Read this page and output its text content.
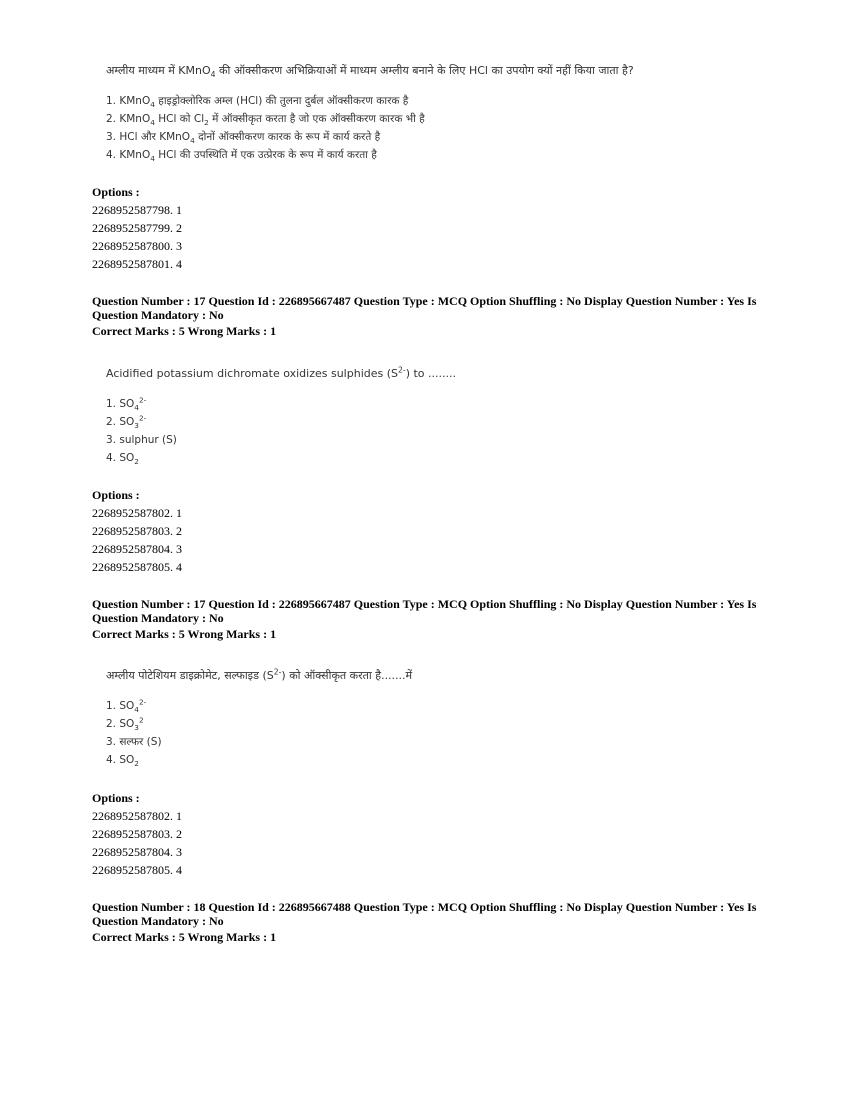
अम्लीय माध्यम में KMnO$_4$ की ऑक्सीकरण अभिक्रियाओं में माध्यम अम्लीय बनाने के लिए HCl का उपयोग क्यों नहीं किया जाता है?
1. KMnO$_4$ हाइड्रोक्लोरिक अम्ल (HCl) की तुलना दुर्बल ऑक्सीकरण कारक है
2. KMnO$_4$ HCl को $Cl_2$ में ऑक्सीकृत करता है जो एक ऑक्सीकरण कारक भी है
3. HCl और KMnO$_4$ दोनों ऑक्सीकरण कारक के रूप में कार्य करते है
4. KMnO$_4$ HCl की उपस्थिति में एक उत्प्रेरक के रूप में कार्य करता है
Options :
2268952587798. 1
2268952587799. 2
2268952587800. 3
2268952587801. 4
Question Number : 17 Question Id : 226895667487 Question Type : MCQ Option Shuffling : No Display Question Number : Yes Is
Question Mandatory : No
Correct Marks : 5 Wrong Marks : 1
Acidified potassium dichromate oxidizes sulphides $(S^{2-})$ to ........
1. $SO_4^{2-}$
2. $SO_3^{2-}$
3. sulphur (S)
4. $SO_2$
Options :
2268952587802. 1
2268952587803. 2
2268952587804. 3
2268952587805. 4
Question Number : 17 Question Id : 226895667487 Question Type : MCQ Option Shuffling : No Display Question Number : Yes Is
Question Mandatory : No
Correct Marks : 5 Wrong Marks : 1
अम्लीय पोटेशियम डाइक्रोमेट, सल्फाइड $(S^{2-})$ को ऑक्सीकृत करता है.......में
1. $SO_4^{2-}$
2. $SO_3^2$
3. सल्फर (S)
4. $SO_2$
Options :
2268952587802. 1
2268952587803. 2
2268952587804. 3
2268952587805. 4
Question Number : 18 Question Id : 226895667488 Question Type : MCQ Option Shuffling : No Display Question Number : Yes Is
Question Mandatory : No
Correct Marks : 5 Wrong Marks : 1
